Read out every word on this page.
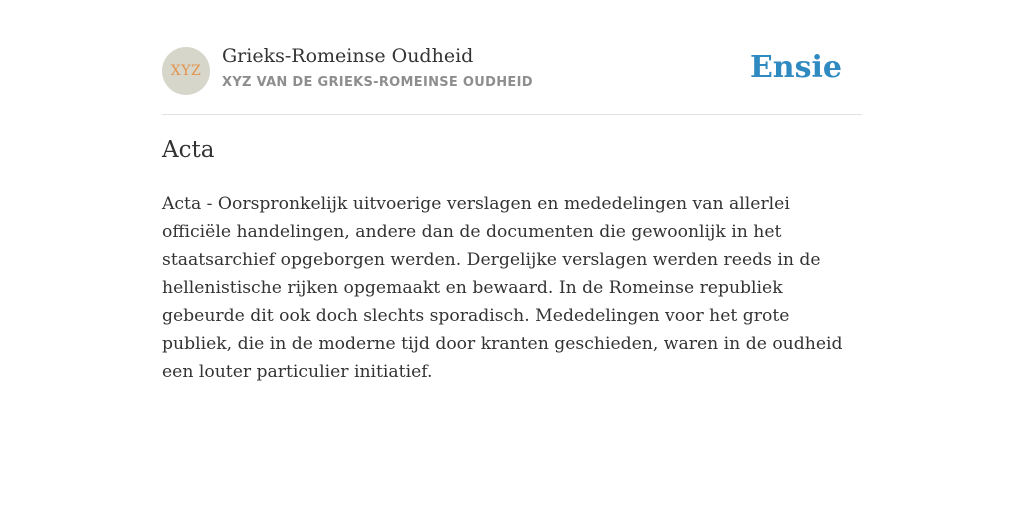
XYZ
Grieks-Romeinse Oudheid
XYZ VAN DE GRIEKS-ROMEINSE OUDHEID	Ensie
Acta

Acta - Oorspronkelijk uitvoerige verslagen en mededelingen van allerlei officiële handelingen, andere dan de documenten die gewoonlijk in het staatsarchief opgeborgen werden. Dergelijke verslagen werden reeds in de hellenistische rijken opgemaakt en bewaard. In de Romeinse republiek gebeurde dit ook doch slechts sporadisch. Mededelingen voor het grote publiek, die in de moderne tijd door kranten geschieden, waren in de oudheid een louter particulier initiatief.
